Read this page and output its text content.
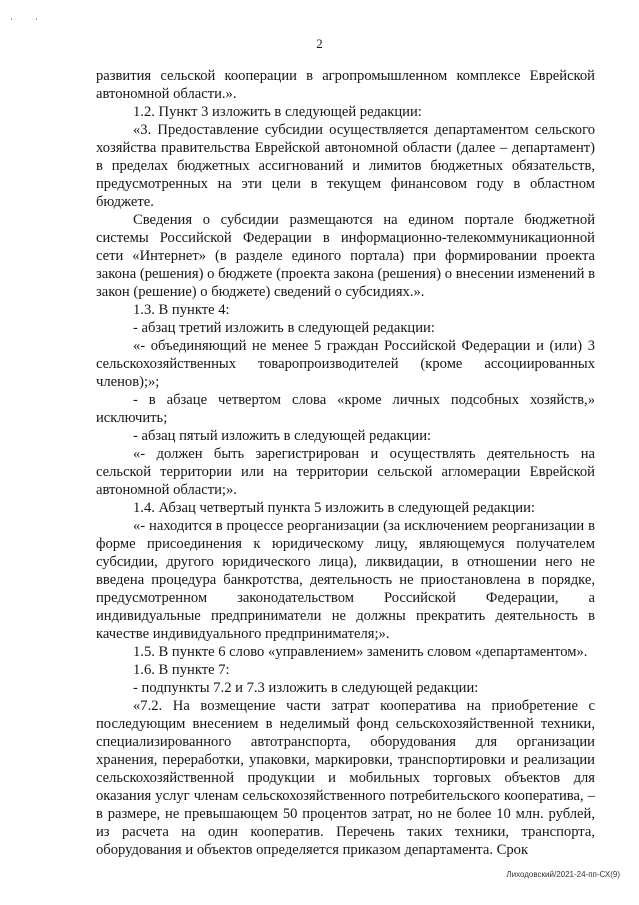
··
2

развития сельской кооперации в агропромышленном комплексе Еврейской автономной области.».

1.2. Пункт 3 изложить в следующей редакции:

«3. Предоставление субсидии осуществляется департаментом сельского хозяйства правительства Еврейской автономной области (далее – департамент) в пределах бюджетных ассигнований и лимитов бюджетных обязательств, предусмотренных на эти цели в текущем финансовом году в областном бюджете.

Сведения о субсидии размещаются на едином портале бюджетной системы Российской Федерации в информационно-телекоммуникационной сети «Интернет» (в разделе единого портала) при формировании проекта закона (решения) о бюджете (проекта закона (решения) о внесении изменений в закон (решение) о бюджете) сведений о субсидиях.».

1.3. В пункте 4:

- абзац третий изложить в следующей редакции:

«- объединяющий не менее 5 граждан Российской Федерации и (или) 3 сельскохозяйственных товаропроизводителей (кроме ассоциированных членов);»;

- в абзаце четвертом слова «кроме личных подсобных хозяйств,» исключить;

- абзац пятый изложить в следующей редакции:

«- должен быть зарегистрирован и осуществлять деятельность на сельской территории или на территории сельской агломерации Еврейской автономной области;».

1.4. Абзац четвертый пункта 5 изложить в следующей редакции:

«- находится в процессе реорганизации (за исключением реорганизации в форме присоединения к юридическому лицу, являющемуся получателем субсидии, другого юридического лица), ликвидации, в отношении него не введена процедура банкротства, деятельность не приостановлена в порядке, предусмотренном законодательством Российской Федерации, а индивидуальные предприниматели не должны прекратить деятельность в качестве индивидуального предпринимателя;».

1.5. В пункте 6 слово «управлением» заменить словом «департаментом».

1.6. В пункте 7:

- подпункты 7.2 и 7.3 изложить в следующей редакции:

«7.2. На возмещение части затрат кооператива на приобретение с последующим внесением в неделимый фонд сельскохозяйственной техники, специализированного автотранспорта, оборудования для организации хранения, переработки, упаковки, маркировки, транспортировки и реализации сельскохозяйственной продукции и мобильных торговых объектов для оказания услуг членам сельскохозяйственного потребительского кооператива, – в размере, не превышающем 50 процентов затрат, но не более 10 млн. рублей, из расчета на один кооператив. Перечень таких техники, транспорта, оборудования и объектов определяется приказом департамента. Срок

Лиходовский/2021-24-пп-СХ(9)
